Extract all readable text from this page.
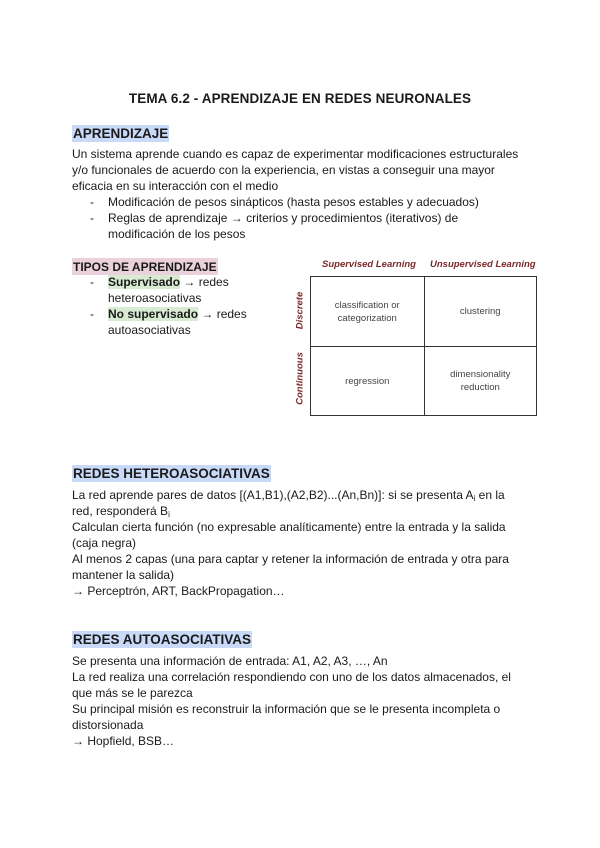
TEMA 6.2 - APRENDIZAJE EN REDES NEURONALES
APRENDIZAJE

Un sistema aprende cuando es capaz de experimentar modificaciones estructurales y/o funcionales de acuerdo con la experiencia, en vistas a conseguir una mayor eficacia en su interacción con el medio

- Modificación de pesos sinápticos (hasta pesos estables y adecuados)
- Reglas de aprendizaje → criterios y procedimientos (iterativos) de modificación de los pesos
TIPOS DE APRENDIZAJE
- Supervisado → redes heteroasociativas
- No supervisado → redes autoasociativas
Supervised Learning Unsupervised Learning
Discrete
Continuous
classification or categorization
clustering
regression
dimensionality reduction
REDES HETEROASOCIATIVAS

La red aprende pares de datos [(A1,B1),(A2,B2)...(An,Bn)]: si se presenta $A_i$ en la red, responderá $B_i$

Calculan cierta función (no expresable analíticamente) entre la entrada y la salida (caja negra)

Al menos 2 capas (una para captar y retener la información de entrada y otra para mantener la salida)

→ Perceptrón, ART, BackPropagation…

REDES AUTOASOCIATIVAS

Se presenta una información de entrada: A1, A2, A3, …, An

La red realiza una correlación respondiendo con uno de los datos almacenados, el que más se le parezca

Su principal misión es reconstruir la información que se le presenta incompleta o distorsionada

→ Hopfield, BSB…
